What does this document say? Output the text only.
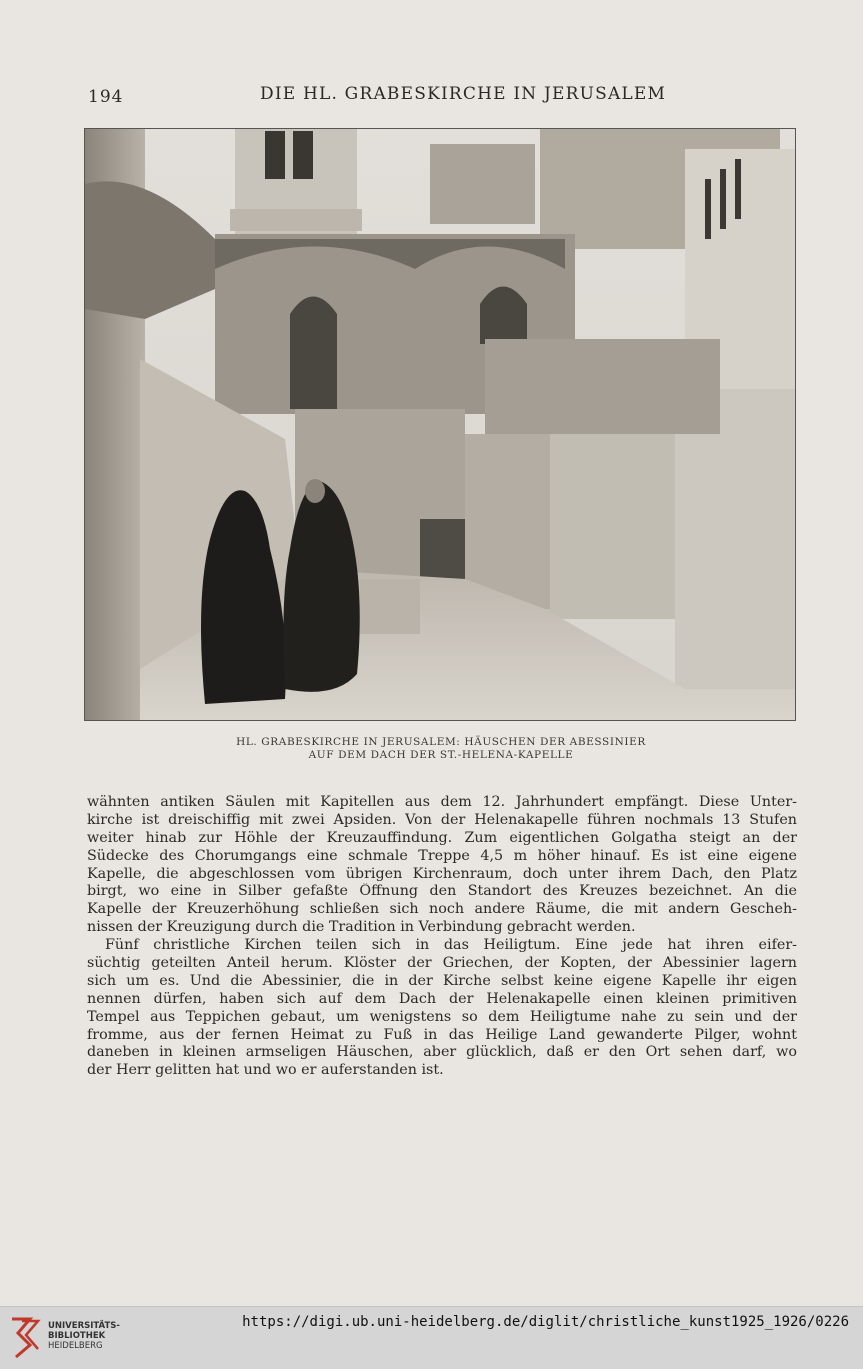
194	DIE HL. GRABESKIRCHE IN JERUSALEM
HL. GRABESKIRCHE IN JERUSALEM: HÄUSCHEN DER ABESSINIER
AUF DEM DACH DER ST.-HELENA-KAPELLE
wähnten antiken Säulen mit Kapitellen aus dem 12. Jahrhundert empfängt. Diese Unter-
kirche ist dreischiffig mit zwei Apsiden. Von der Helenakapelle führen nochmals 13 Stufen
weiter hinab zur Höhle der Kreuzauffindung. Zum eigentlichen Golgatha steigt an der
Südecke des Chorumgangs eine schmale Treppe 4,5 m höher hinauf. Es ist eine eigene
Kapelle, die abgeschlossen vom übrigen Kirchenraum, doch unter ihrem Dach, den Platz
birgt, wo eine in Silber gefaßte Öffnung den Standort des Kreuzes bezeichnet. An die
Kapelle der Kreuzerhöhung schließen sich noch andere Räume, die mit andern Gescheh-
nissen der Kreuzigung durch die Tradition in Verbindung gebracht werden.
Fünf christliche Kirchen teilen sich in das Heiligtum. Eine jede hat ihren eifer-
süchtig geteilten Anteil herum. Klöster der Griechen, der Kopten, der Abessinier lagern
sich um es. Und die Abessinier, die in der Kirche selbst keine eigene Kapelle ihr eigen
nennen dürfen, haben sich auf dem Dach der Helenakapelle einen kleinen primitiven
Tempel aus Teppichen gebaut, um wenigstens so dem Heiligtume nahe zu sein und der
fromme, aus der fernen Heimat zu Fuß in das Heilige Land gewanderte Pilger, wohnt
daneben in kleinen armseligen Häuschen, aber glücklich, daß er den Ort sehen darf, wo
der Herr gelitten hat und wo er auferstanden ist.
UNIVERSITÄTS-
BIBLIOTHEK
HEIDELBERG
https://digi.ub.uni-heidelberg.de/diglit/christliche_kunst1925_1926/0226
